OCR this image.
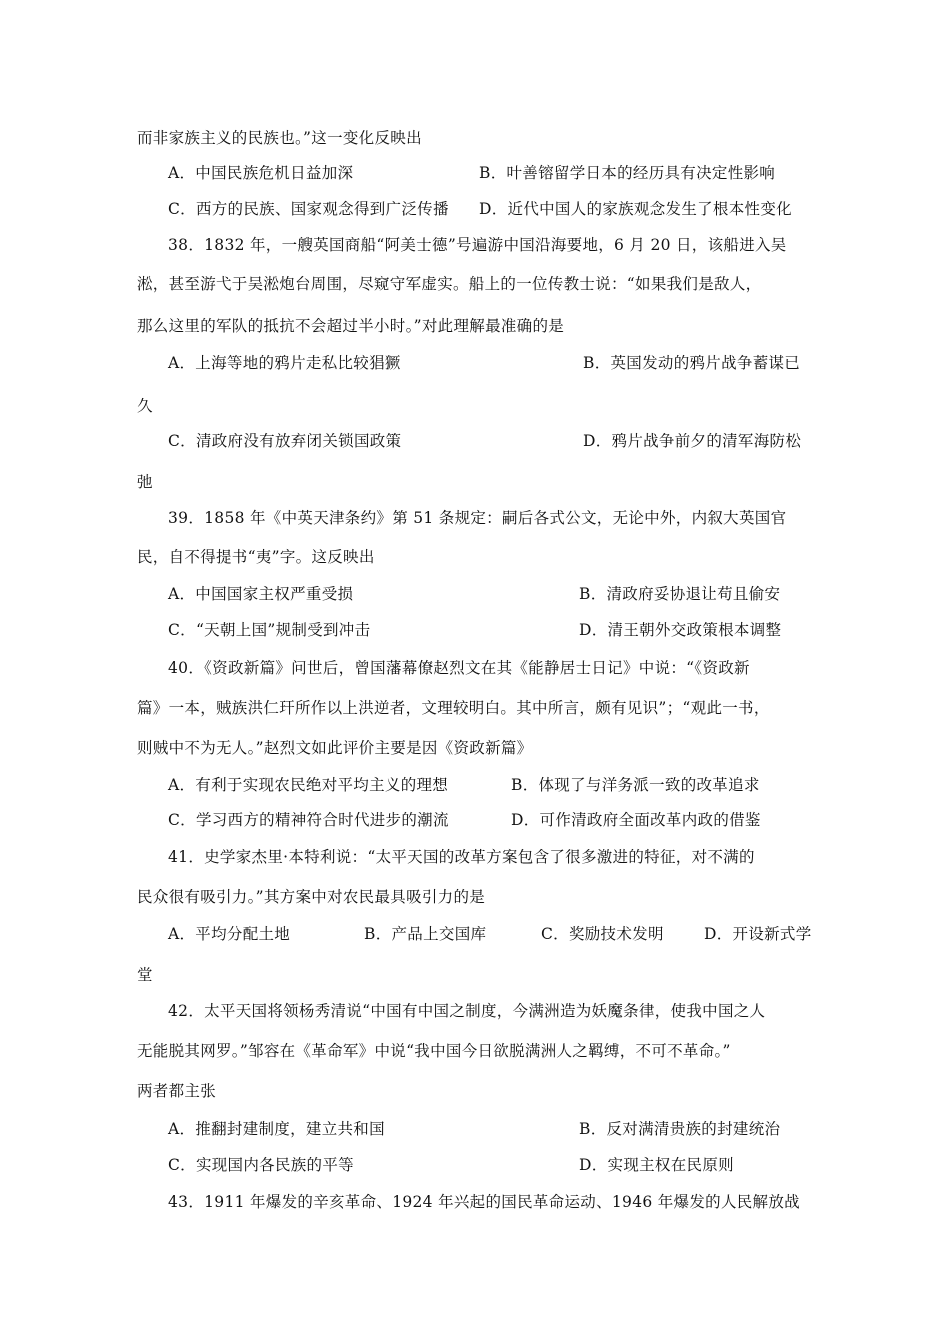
而非家族主义的民族也。”这一变化反映出
A．中国民族危机日益加深	B．叶善镕留学日本的经历具有决定性影响
C．西方的民族、国家观念得到广泛传播 D．近代中国人的家族观念发生了根本性变化
38．1832 年，一艘英国商船“阿美士德”号遍游中国沿海要地，6 月 20 日，该船进入吴
淞，甚至游弋于吴淞炮台周围，尽窥守军虚实。船上的一位传教士说：“如果我们是敌人，
那么这里的军队的抵抗不会超过半小时。”对此理解最准确的是
A．上海等地的鸦片走私比较猖獗	B．英国发动的鸦片战争蓄谋已
久
C．清政府没有放弃闭关锁国政策	D．鸦片战争前夕的清军海防松
弛
39．1858 年《中英天津条约》第 51 条规定：嗣后各式公文，无论中外，内叙大英国官
民，自不得提书“夷”字。这反映出
A．中国国家主权严重受损	B．清政府妥协退让苟且偷安
C．“天朝上国”规制受到冲击	D．清王朝外交政策根本调整
40．《资政新篇》问世后，曾国藩幕僚赵烈文在其《能静居士日记》中说：“《资政新
篇》一本，贼族洪仁玕所作以上洪逆者，文理较明白。其中所言，颇有见识”；“观此一书，
则贼中不为无人。”赵烈文如此评价主要是因《资政新篇》
A．有利于实现农民绝对平均主义的理想	B．体现了与洋务派一致的改革追求
C．学习西方的精神符合时代进步的潮流	D．可作清政府全面改革内政的借鉴
41．史学家杰里·本特利说：“太平天国的改革方案包含了很多激进的特征，对不满的
民众很有吸引力。”其方案中对农民最具吸引力的是
A．平均分配土地	B．产品上交国库	C．奖励技术发明	D．开设新式学
堂
42．太平天国将领杨秀清说“中国有中国之制度，今满洲造为妖魔条律，使我中国之人
无能脱其网罗。”邹容在《革命军》中说“我中国今日欲脱满洲人之羁缚，不可不革命。”
两者都主张
A．推翻封建制度，建立共和国	B．反对满清贵族的封建统治
C．实现国内各民族的平等	D．实现主权在民原则
43．1911 年爆发的辛亥革命、1924 年兴起的国民革命运动、1946 年爆发的人民解放战
